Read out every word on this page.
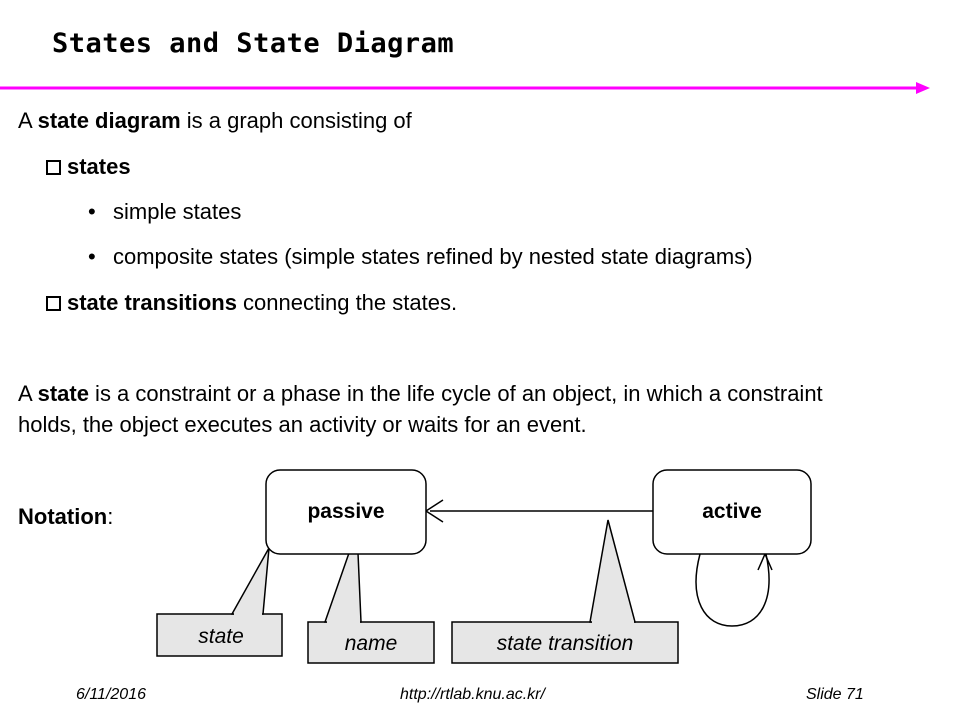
States and State Diagram
A state diagram is a graph consisting of
states
• simple states
• composite states (simple states refined by nested state diagrams)
state transitions connecting the states.
A state is a constraint or a phase in the life cycle of an object, in which a constraint
holds, the object executes an activity or waits for an event.
Notation:	passive	active
state	name	state transition
6/11/2016	http://rtlab.knu.ac.kr/	Slide 71
